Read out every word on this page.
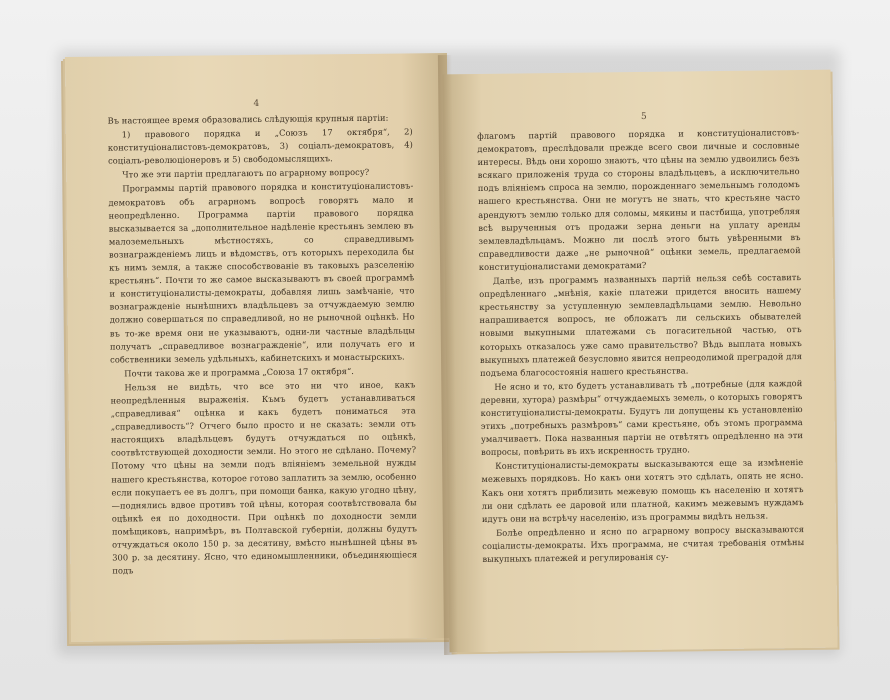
4

Въ настоящее время образовались слѣдующія крупныя партіи:

1) правового порядка и „Союзъ 17 октября“, 2) конституціоналистовъ-демократовъ, 3) соціалъ-демократовъ, 4) соціалъ-революціонеровъ и 5) свободомыслящихъ.

Что же эти партіи предлагаютъ по аграрному вопросу?

Программы партій правового порядка и конституціоналистовъ-демократовъ объ аграрномъ вопросѣ говорятъ мало и неопредѣленно. Программа партіи правового порядка высказывается за „дополнительное надѣленіе крестьянъ землею въ малоземельныхъ мѣстностяхъ, со справедливымъ вознагражденіемъ лицъ и вѣдомствъ, отъ которыхъ переходила бы къ нимъ земля, а также способствованіе въ таковыхъ разселенію крестьянъ“. Почти то же самое высказываютъ въ своей программѣ и конституціоналисты-демократы, добавляя лишь замѣчаніе, что вознагражденіе нынѣшнихъ владѣльцевъ за отчуждаемую землю должно совершаться по справедливой, но не рыночной оцѣнкѣ. Но въ то-же время они не указываютъ, одни-ли частные владѣльцы получатъ „справедливое вознагражденіе“, или получать его и собственники земель удѣльныхъ, кабинетскихъ и монастырскихъ.

Почти такова же и программа „Союза 17 октября“.

Нельзя не видѣть, что все это ни что иное, какъ неопредѣленныя выраженія. Къмъ будетъ устанавливаться „справедливая“ оцѣнка и какъ будетъ пониматься эта „справедливость“? Отчего было просто и не сказать: земли отъ настоящихъ владѣльцевъ будутъ отчуждаться по оцѣнкѣ, соотвѣтствующей доходности земли. Но этого не сдѣлано. Почему? Потому что цѣны на земли подъ вліяніемъ земельной нужды нашего крестьянства, которое готово заплатить за землю, особенно если покупаетъ ее въ долгъ, при помощи банка, какую угодно цѣну,—поднялись вдвое противъ той цѣны, которая соотвѣтствовала бы оцѣнкѣ ея по доходности. При оцѣнкѣ по доходности земли помѣщиковъ, напримѣръ, въ Полтавской губерніи, должны будутъ отчуждаться около 150 р. за десятину, вмѣсто нынѣшней цѣны въ 300 р. за десятину. Ясно, что единомышленники, объединяющіеся подъ

5

флагомъ партій правового порядка и конституціоналистовъ-демократовъ, преслѣдовали прежде всего свои личные и сословные интересы. Вѣдь они хорошо знаютъ, что цѣны на землю удвоились безъ всякаго приложенія труда со стороны владѣльцевъ, а исключительно подъ вліяніемъ спроса на землю, порожденнаго земельнымъ голодомъ нашего крестьянства. Они не могутъ не знать, что крестьяне часто арендуютъ землю только для соломы, мякины и пастбища, употребляя всѣ вырученныя отъ продажи зерна деньги на уплату аренды землевладѣльцамъ. Можно ли послѣ этого быть увѣренными въ справедливости даже „не рыночной“ оцѣнки земель, предлагаемой конституціоналистами демократами?

Далѣе, изъ программъ названныхъ партій нельзя себѣ составить опредѣленнаго „мнѣнія, какіе платежи придется вносить нашему крестьянству за уступленную землевладѣльцами землю. Невольно напрашивается вопросъ, не обложатъ ли сельскихъ обывателей новыми выкупными платежами съ погасительной частью, отъ которыхъ отказалось уже само правительство? Вѣдь выплата новыхъ выкупныхъ платежей безусловно явится непреодолимой преградой для подъема благосостоянія нашего крестьянства.

Не ясно и то, кто будетъ устанавливать тѣ „потребные (для каждой деревни, хутора) размѣры“ отчуждаемыхъ земель, о которыхъ говорятъ конституціоналисты-демократы. Будутъ ли допущены къ установленію этихъ „потребныхъ размѣровъ“ сами крестьяне, объ этомъ программа умалчиваетъ. Пока названныя партіи не отвѣтятъ опредѣленно на эти вопросы, повѣрить въ ихъ искренность трудно.

Конституціоналисты-демократы высказываются еще за измѣненіе межевыхъ порядковъ. Но какъ они хотятъ это сдѣлать, опять не ясно. Какъ они хотятъ приблизить межевую помощь къ населенію и хотятъ ли они сдѣлать ее даровой или платной, какимъ межевымъ нуждамъ идутъ они на встрѣчу населенію, изъ программы видѣть нельзя.

Болѣе опредѣленно и ясно по аграрному вопросу высказываются соціалисты-демократы. Ихъ программа, не считая требованія отмѣны выкупныхъ платежей и регулированія су-
